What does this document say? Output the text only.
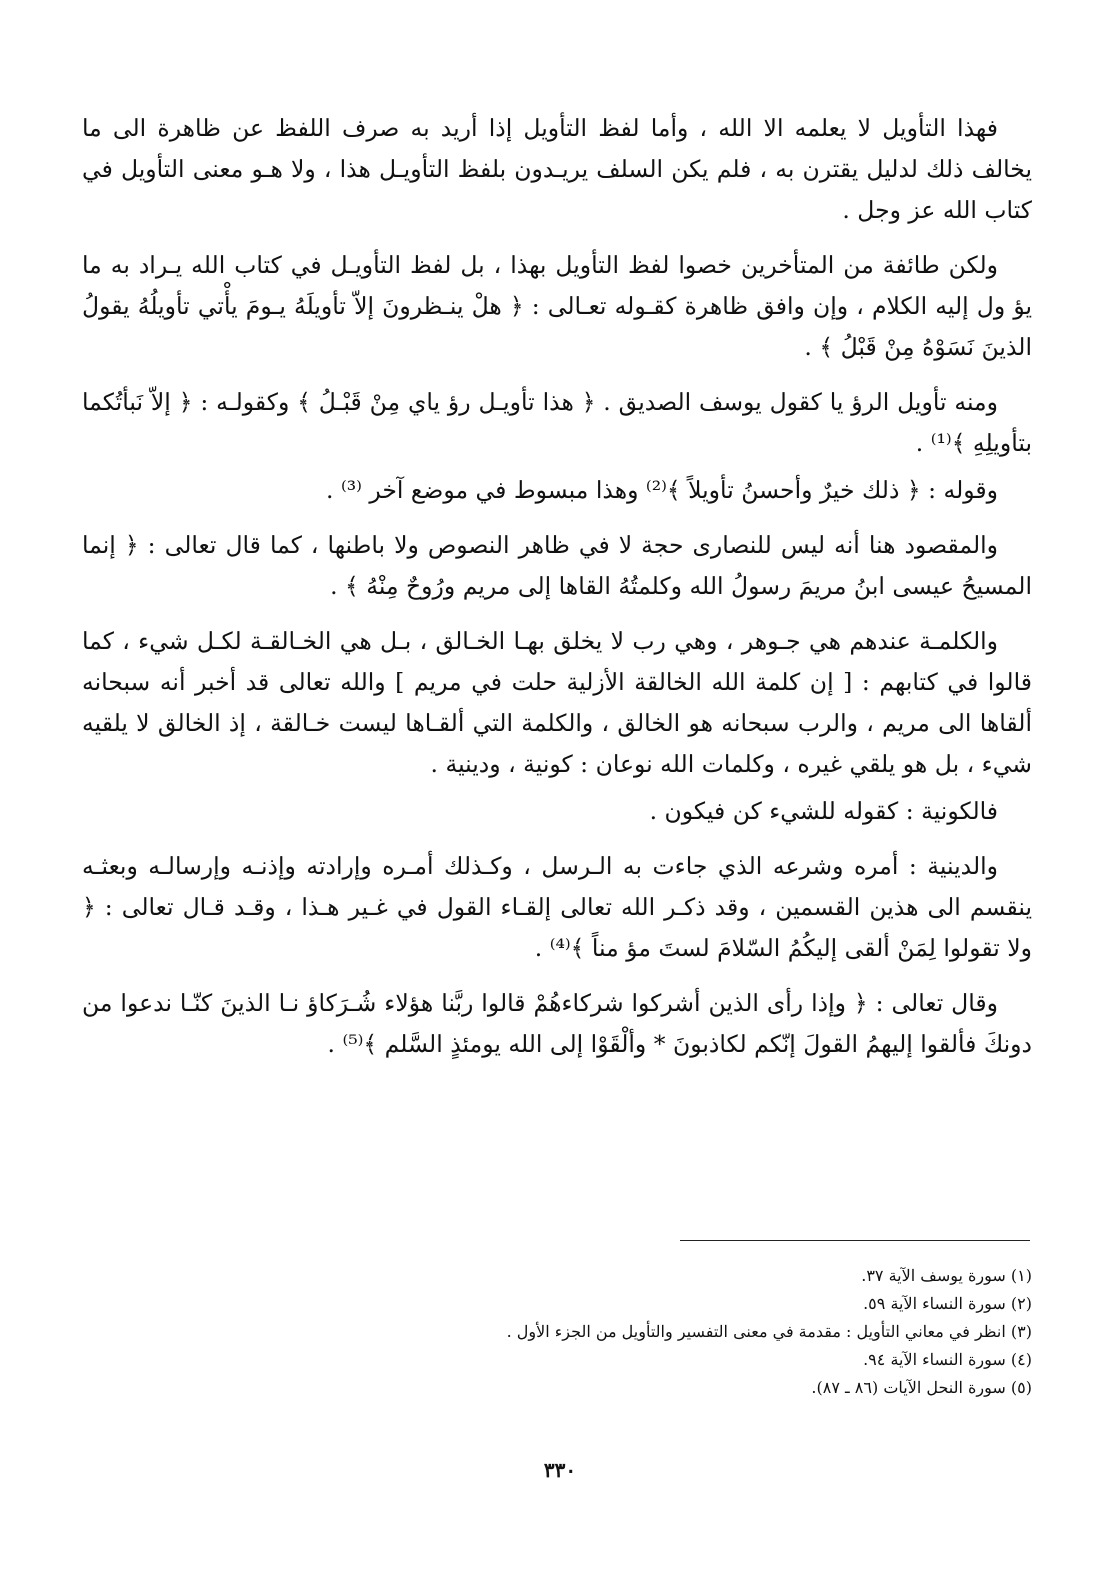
فهذا التأويل لا يعلمه الا الله ، وأما لفظ التأويل إذا أريد به صرف اللفظ عن ظاهرة الى ما يخالف ذلك لدليل يقترن به ، فلم يكن السلف يريـدون بلفظ التأويـل هذا ، ولا هـو معنى التأويل في كتاب الله عز وجل .

ولكن طائفة من المتأخرين خصوا لفظ التأويل بهذا ، بل لفظ التأويـل في كتاب الله يـراد به ما يؤ ول إليه الكلام ، وإن وافق ظاهرة كقـوله تعـالى : ﴿ هلْ ينـظرونَ إلاّ تأويلَهُ يـومَ يأْتي تأويلُهُ يقولُ الذينَ نَسَوْهُ مِنْ قَبْلُ ﴾ .

ومنه تأويل الرؤ يا كقول يوسف الصديق . ﴿ هذا تأويـل رؤ ياي مِنْ قَبْـلُ ﴾ وكقولـه : ﴿ إلاّ نَبأتُكما بتأويلِهِ ﴾⁽¹⁾ .

وقوله : ﴿ ذلك خيرٌ وأحسنُ تأويلاً ﴾⁽²⁾ وهذا مبسوط في موضع آخر ⁽³⁾ .

والمقصود هنا أنه ليس للنصارى حجة لا في ظاهر النصوص ولا باطنها ، كما قال تعالى : ﴿ إنما المسيحُ عيسى ابنُ مريمَ رسولُ الله وكلمتُهُ القاها إلى مريم ورُوحٌ مِنْهُ ﴾ .

والكلمـة عندهم هي جـوهر ، وهي رب لا يخلق بهـا الخـالق ، بـل هي الخـالقـة لكـل شيء ، كما قالوا في كتابهم : [ إن كلمة الله الخالقة الأزلية حلت في مريم ] والله تعالى قد أخبر أنه سبحانه ألقاها الى مريم ، والرب سبحانه هو الخالق ، والكلمة التي ألقـاها ليست خـالقة ، إذ الخالق لا يلقيه شيء ، بل هو يلقي غيره ، وكلمات الله نوعان : كونية ، ودينية .

فالكونية : كقوله للشيء كن فيكون .

والدينية : أمره وشرعه الذي جاءت به الـرسل ، وكـذلك أمـره وإرادته وإذنـه وإرسالـه وبعثـه ينقسم الى هذين القسمين ، وقد ذكـر الله تعالى إلقـاء القول في غـير هـذا ، وقـد قـال تعالى : ﴿ ولا تقولوا لِمَنْ ألقى إليكُمُ السّلامَ لستَ مؤ مناً ﴾⁽⁴⁾ .

وقال تعالى : ﴿ وإذا رأى الذين أشركوا شركاءهُمْ قالوا ربَّنا هؤلاء شُـرَكاؤ نـا الذينَ كنّـا ندعوا من دونكَ فألقوا إليهمُ القولَ إنّكم لكاذبونَ * وألْقَوْا إلى الله يومئذٍ السَّلم ﴾⁽⁵⁾ .

(١) سورة يوسف الآية ٣٧.

(٢) سورة النساء الآية ٥٩.

(٣) انظر في معاني التأويل : مقدمة في معنى التفسير والتأويل من الجزء الأول .

(٤) سورة النساء الآية ٩٤.

(٥) سورة النحل الآيات (٨٦ ـ ٨٧).

٣٣٠
